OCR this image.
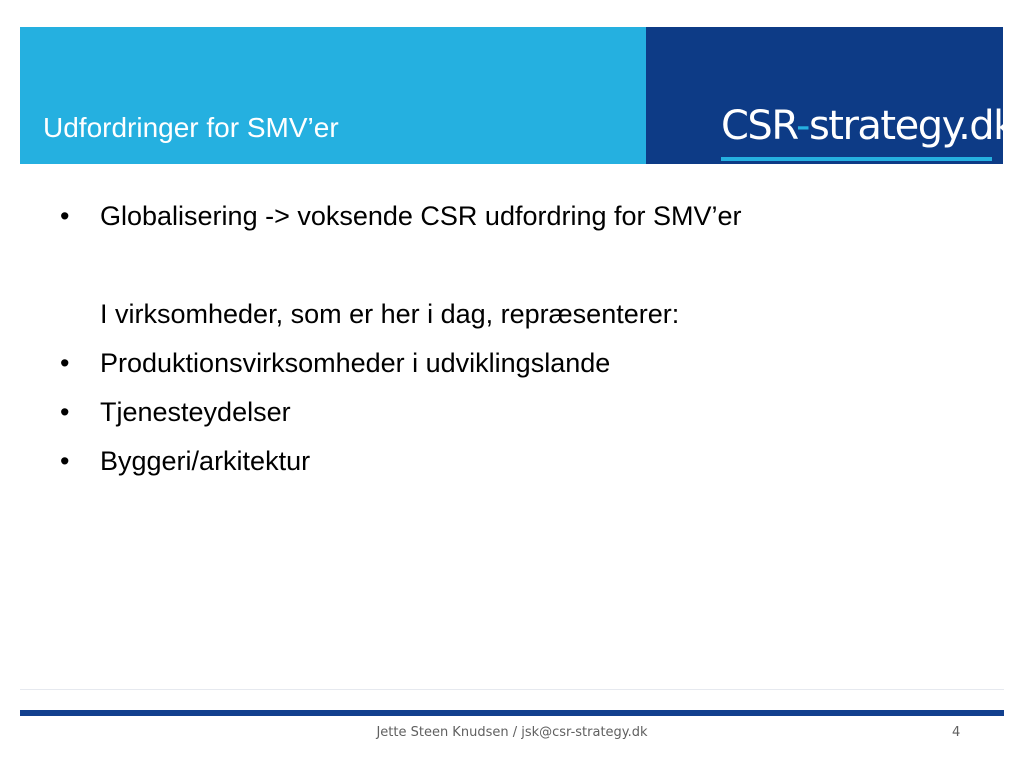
Udfordringer for SMV’er	CSR-strategy.dk
• Globalisering -> voksende CSR udfordring for SMV’er
I virksomheder, som er her i dag, repræsenterer:
• Produktionsvirksomheder i udviklingslande
• Tjenesteydelser
• Byggeri/arkitektur
Jette Steen Knudsen / jsk@csr-strategy.dk	4
